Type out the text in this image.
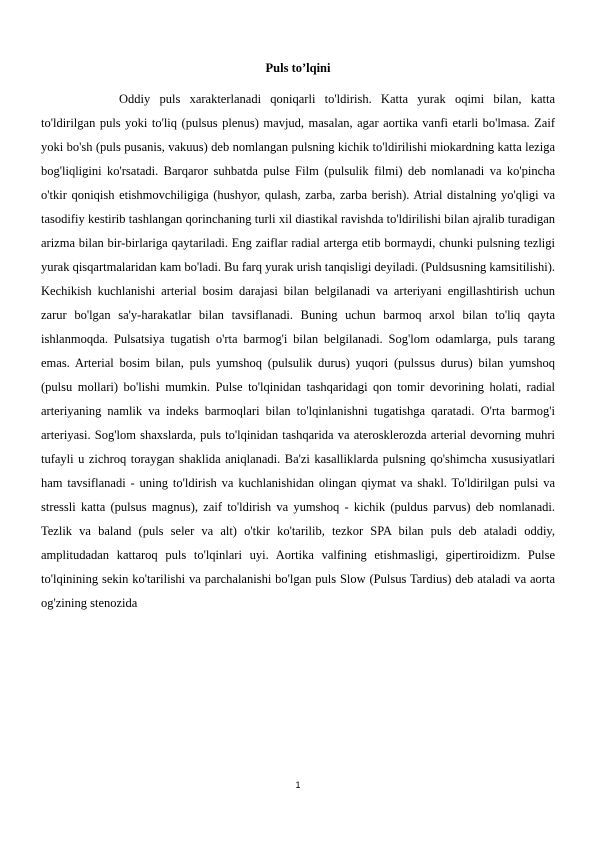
Puls to’lqini

Oddiy puls xarakterlanadi qoniqarli to'ldirish. Katta yurak oqimi bilan, katta to'ldirilgan puls yoki to'liq (pulsus plenus) mavjud, masalan, agar aortika vanfi etarli bo'lmasa. Zaif yoki bo'sh (puls pusanis, vakuus) deb nomlangan pulsning kichik to'ldirilishi miokardning katta leziga bog'liqligini ko'rsatadi. Barqaror suhbatda pulse Film (pulsulik filmi) deb nomlanadi va ko'pincha o'tkir qoniqish etishmovchiligiga (hushyor, qulash, zarba, zarba berish). Atrial distalning yo'qligi va tasodifiy kestirib tashlangan qorinchaning turli xil diastikal ravishda to'ldirilishi bilan ajralib turadigan arizma bilan bir-birlariga qaytariladi. Eng zaiflar radial arterga etib bormaydi, chunki pulsning tezligi yurak qisqartmalaridan kam bo'ladi. Bu farq yurak urish tanqisligi deyiladi. (Puldsusning kamsitilishi). Kechikish kuchlanishi arterial bosim darajasi bilan belgilanadi va arteriyani engillashtirish uchun zarur bo'lgan sa'y-harakatlar bilan tavsiflanadi. Buning uchun barmoq arxol bilan to'liq qayta ishlanmoqda. Pulsatsiya tugatish o'rta barmog'i bilan belgilanadi. Sog'lom odamlarga, puls tarang emas. Arterial bosim bilan, puls yumshoq (pulsulik durus) yuqori (pulssus durus) bilan yumshoq (pulsu mollari) bo'lishi mumkin. Pulse to'lqinidan tashqaridagi qon tomir devorining holati, radial arteriyaning namlik va indeks barmoqlari bilan to'lqinlanishni tugatishga qaratadi. O'rta barmog'i arteriyasi. Sog'lom shaxslarda, puls to'lqinidan tashqarida va aterosklerozda arterial devorning muhri tufayli u zichroq toraygan shaklida aniqlanadi. Ba'zi kasalliklarda pulsning qo'shimcha xususiyatlari ham tavsiflanadi - uning to'ldirish va kuchlanishidan olingan qiymat va shakl. To'ldirilgan pulsi va stressli katta (pulsus magnus), zaif to'ldirish va yumshoq - kichik (puldus parvus) deb nomlanadi. Tezlik va baland (puls seler va alt) o'tkir ko'tarilib, tezkor SPA bilan puls deb ataladi oddiy, amplitudadan kattaroq puls to'lqinlari uyi. Aortika valfining etishmasligi, gipertiroidizm. Pulse to'lqinining sekin ko'tarilishi va parchalanishi bo'lgan puls Slow (Pulsus Tardius) deb ataladi va aorta og'zining stenozida

1
